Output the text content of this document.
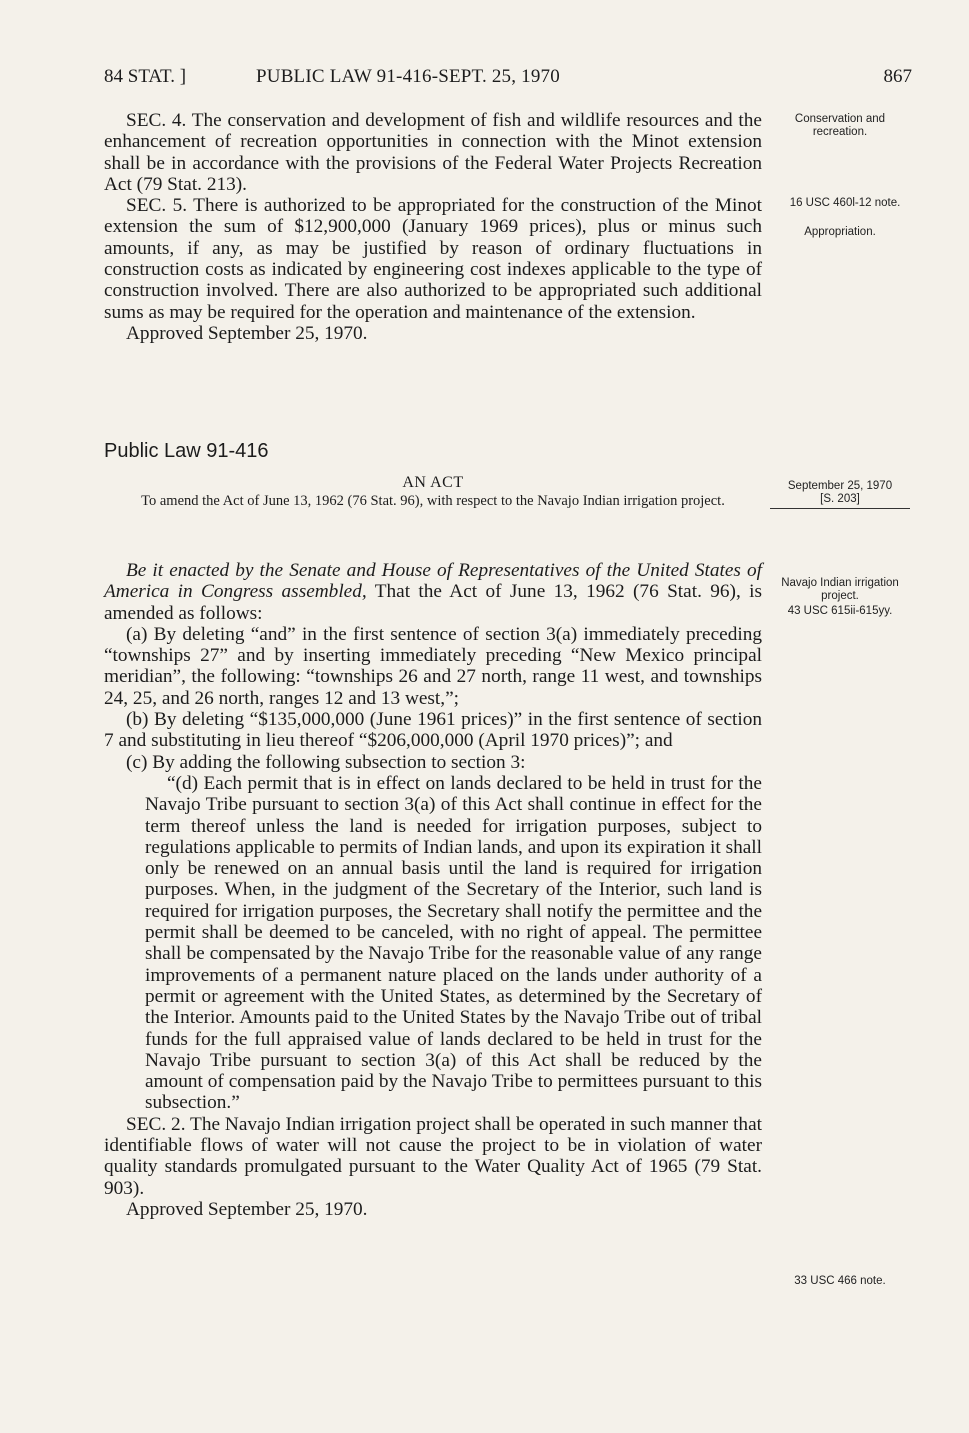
84 STAT. ]	PUBLIC LAW 91-416-SEPT. 25, 1970	867

SEC. 4. The conservation and development of fish and wildlife resources and the enhancement of recreation opportunities in connection with the Minot extension shall be in accordance with the provisions of the Federal Water Projects Recreation Act (79 Stat. 213).

SEC. 5. There is authorized to be appropriated for the construction of the Minot extension the sum of $12,900,000 (January 1969 prices), plus or minus such amounts, if any, as may be justified by reason of ordinary fluctuations in construction costs as indicated by engineering cost indexes applicable to the type of construction involved. There are also authorized to be appropriated such additional sums as may be required for the operation and maintenance of the extension.

Approved September 25, 1970.

Public Law 91-416
AN ACT
To amend the Act of June 13, 1962 (76 Stat. 96), with respect to the Navajo Indian irrigation project.

Be it enacted by the Senate and House of Representatives of the United States of America in Congress assembled, That the Act of June 13, 1962 (76 Stat. 96), is amended as follows:

(a) By deleting “and” in the first sentence of section 3(a) immediately preceding “townships 27” and by inserting immediately preceding “New Mexico principal meridian”, the following: “townships 26 and 27 north, range 11 west, and townships 24, 25, and 26 north, ranges 12 and 13 west,”;

(b) By deleting “$135,000,000 (June 1961 prices)” in the first sentence of section 7 and substituting in lieu thereof “$206,000,000 (April 1970 prices)”; and

(c) By adding the following subsection to section 3:

“(d) Each permit that is in effect on lands declared to be held in trust for the Navajo Tribe pursuant to section 3(a) of this Act shall continue in effect for the term thereof unless the land is needed for irrigation purposes, subject to regulations applicable to permits of Indian lands, and upon its expiration it shall only be renewed on an annual basis until the land is required for irrigation purposes. When, in the judgment of the Secretary of the Interior, such land is required for irrigation purposes, the Secretary shall notify the permittee and the permit shall be deemed to be canceled, with no right of appeal. The permittee shall be compensated by the Navajo Tribe for the reasonable value of any range improvements of a permanent nature placed on the lands under authority of a permit or agreement with the United States, as determined by the Secretary of the Interior. Amounts paid to the United States by the Navajo Tribe out of tribal funds for the full appraised value of lands declared to be held in trust for the Navajo Tribe pursuant to section 3(a) of this Act shall be reduced by the amount of compensation paid by the Navajo Tribe to permittees pursuant to this subsection.”

SEC. 2. The Navajo Indian irrigation project shall be operated in such manner that identifiable flows of water will not cause the project to be in violation of water quality standards promulgated pursuant to the Water Quality Act of 1965 (79 Stat. 903).

Approved September 25, 1970.

Conservation and recreation.
16 USC 460l-12 note.
Appropriation.
September 25, 1970
[S. 203]
Navajo Indian irrigation project.
43 USC 615ii-615yy.
33 USC 466 note.
